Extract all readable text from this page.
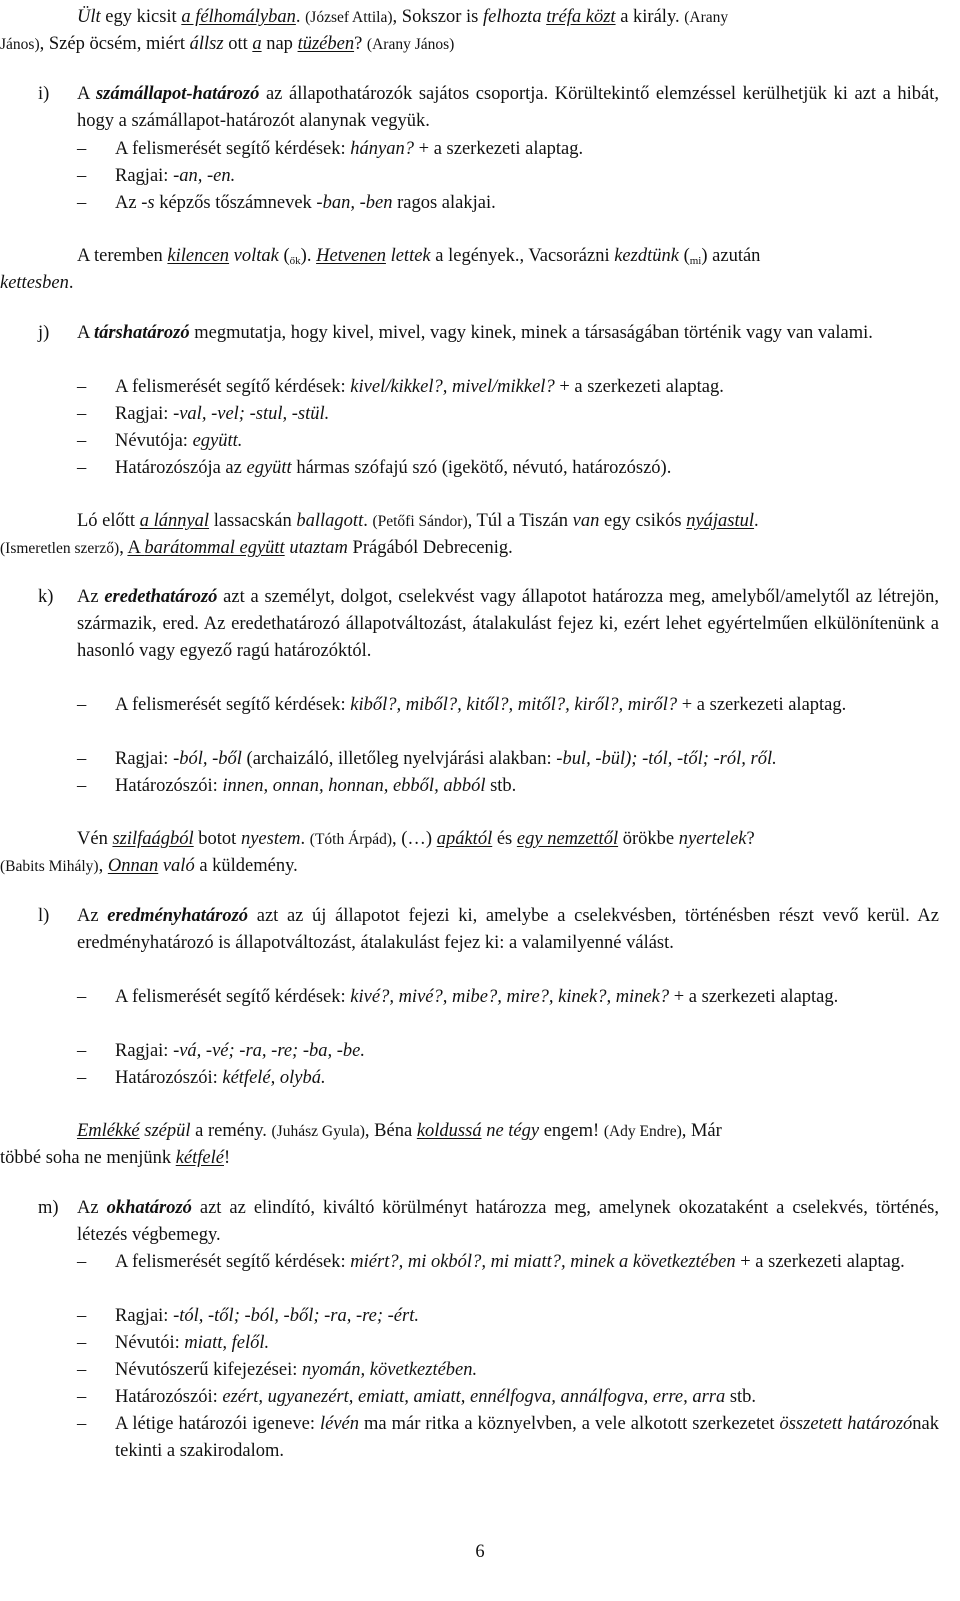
Ült egy kicsit a félhomályban. (József Attila), Sokszor is felhozta tréfa közt a király. (Arany
János), Szép öcsém, miért állsz ott a nap tüzében? (Arany János)
i) A számállapot-határozó az állapothatározók sajátos csoportja. Körültekintő elemzéssel kerülhetjük ki azt a hibát, hogy a számállapot-határozót alanynak vegyük.
– A felismerését segítő kérdések: hányan? + a szerkezeti alaptag.
– Ragjai: -an, -en.
– Az -s képzős tőszámnevek -ban, -ben ragos alakjai.
A teremben kilencen voltak $(_{ők})$. Hetvenen lettek a legények., Vacsorázni kezdtünk $(_{mi})$ azután
kettesben.
j) A társhatározó megmutatja, hogy kivel, mivel, vagy kinek, minek a társaságában történik vagy van valami.
– A felismerését segítő kérdések: kivel/kikkel?, mivel/mikkel? + a szerkezeti alaptag.
– Ragjai: -val, -vel; -stul, -stül.
– Névutója: együtt.
– Határozószója az együtt hármas szófajú szó (igekötő, névutó, határozószó).
Ló előtt a lánnyal lassacskán ballagott. (Petőfi Sándor), Túl a Tiszán van egy csikós nyájastul.
(Ismeretlen szerző), A barátommal együtt utaztam Prágából Debrecenig.
k) Az eredethatározó azt a személyt, dolgot, cselekvést vagy állapotot határozza meg, amelyből/amelytől az létrejön, származik, ered. Az eredethatározó állapotváltozást, átalakulást fejez ki, ezért lehet egyértelműen elkülönítenünk a hasonló vagy egyező ragú határozóktól.
– A felismerését segítő kérdések: kiből?, miből?, kitől?, mitől?, kiről?, miről? + a szerkezeti alaptag.
– Ragjai: -ból, -ből (archaizáló, illetőleg nyelvjárási alakban: -bul, -bül); -tól, -től; -ról, ről.
– Határozószói: innen, onnan, honnan, ebből, abból stb.
Vén szilfaágból botot nyestem. (Tóth Árpád), (…) apáktól és egy nemzettől örökbe nyertelek?
(Babits Mihály), Onnan való a küldemény.
l) Az eredményhatározó azt az új állapotot fejezi ki, amelybe a cselekvésben, történésben részt vevő kerül. Az eredményhatározó is állapotváltozást, átalakulást fejez ki: a valamilyenné válást.
– A felismerését segítő kérdések: kivé?, mivé?, mibe?, mire?, kinek?, minek? + a szerkezeti alaptag.
– Ragjai: -vá, -vé; -ra, -re; -ba, -be.
– Határozószói: kétfelé, olybá.
Emlékké szépül a remény. (Juhász Gyula), Béna koldussá ne tégy engem! (Ady Endre), Már
többé soha ne menjünk kétfelé!
m) Az okhatározó azt az elindító, kiváltó körülményt határozza meg, amelynek okozataként a cselekvés, történés, létezés végbemegy.
– A felismerését segítő kérdések: miért?, mi okból?, mi miatt?, minek a következtében + a szerkezeti alaptag.
– Ragjai: -tól, -től; -ból, -ből; -ra, -re; -ért.
– Névutói: miatt, felől.
– Névutószerű kifejezései: nyomán, következtében.
– Határozószói: ezért, ugyanezért, emiatt, amiatt, ennélfogva, annálfogva, erre, arra stb.
– A létige határozói igeneve: lévén ma már ritka a köznyelvben, a vele alkotott szerkezetet összetett határozónak tekinti a szakirodalom.
6
